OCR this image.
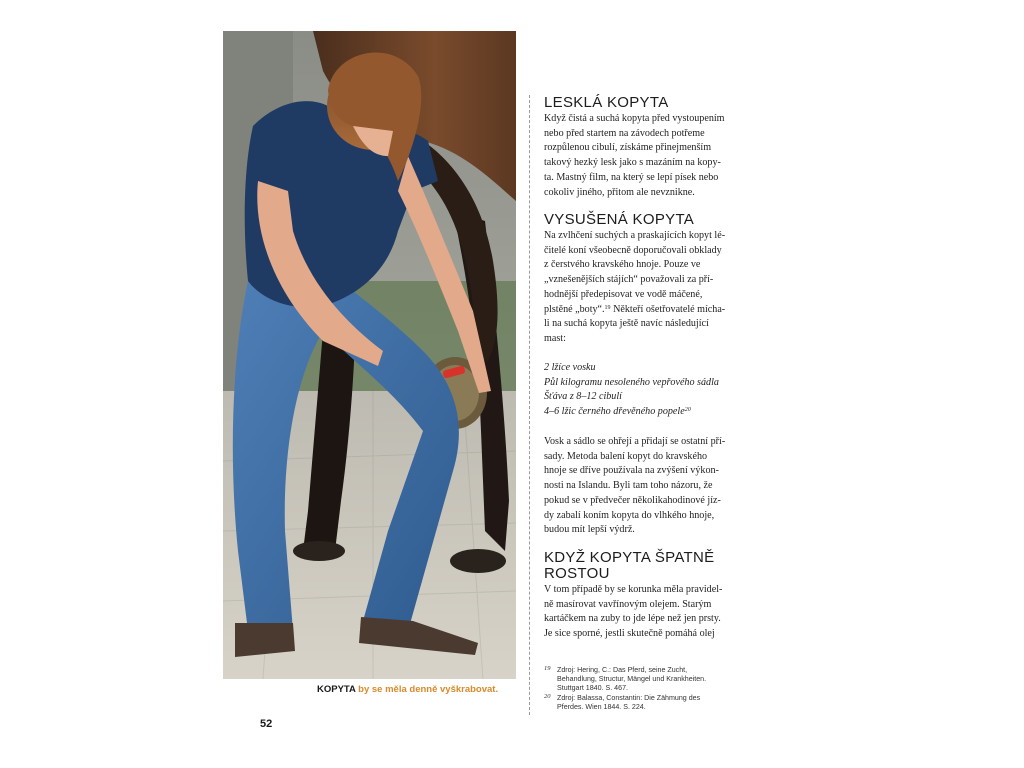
KOPYTA by se měla denně vyškrabovat.
52
LESKLÁ KOPYTA
Když čistá a suchá kopyta před vystoupením
nebo před startem na závodech potřeme
rozpůlenou cibulí, získáme přinejmenším
takový hezký lesk jako s mazáním na kopy-
ta. Mastný film, na který se lepí písek nebo
cokoliv jiného, přitom ale nevznikne.
VYSUŠENÁ KOPYTA
Na zvlhčení suchých a praskajících kopyt lé-
čitelé koní všeobecně doporučovali obklady
z čerstvého kravského hnoje. Pouze ve
„vznešenějších stájích“ považovali za pří-
hodnější předepisovat ve vodě máčené,
plstěné „boty“.$^{19}$ Někteří ošetřovatelé mícha-
li na suchá kopyta ještě navíc následující
mast:
2 lžíce vosku
Půl kilogramu nesoleného vepřového sádla
Šťáva z 8–12 cibulí
4–6 lžic černého dřevěného popele$^{20}$
Vosk a sádlo se ohřejí a přidají se ostatní pří-
sady. Metoda balení kopyt do kravského
hnoje se dříve používala na zvýšení výkon-
nosti na Islandu. Byli tam toho názoru, že
pokud se v předvečer několikahodinové jíz-
dy zabalí koním kopyta do vlhkého hnoje,
budou mít lepší výdrž.
KDYŽ KOPYTA ŠPATNĚ
ROSTOU
V tom případě by se korunka měla pravidel-
ně masírovat vavřínovým olejem. Starým
kartáčkem na zuby to jde lépe než jen prsty.
Je sice sporné, jestli skutečně pomáhá olej
19 Zdroj: Hering, C.: Das Pferd, seine Zucht,
Behandlung, Structur, Mängel und Krankheiten.
Stuttgart 1840. S. 467.
20 Zdroj: Balassa, Constantin: Die Zähmung des
Pferdes. Wien 1844. S. 224.
